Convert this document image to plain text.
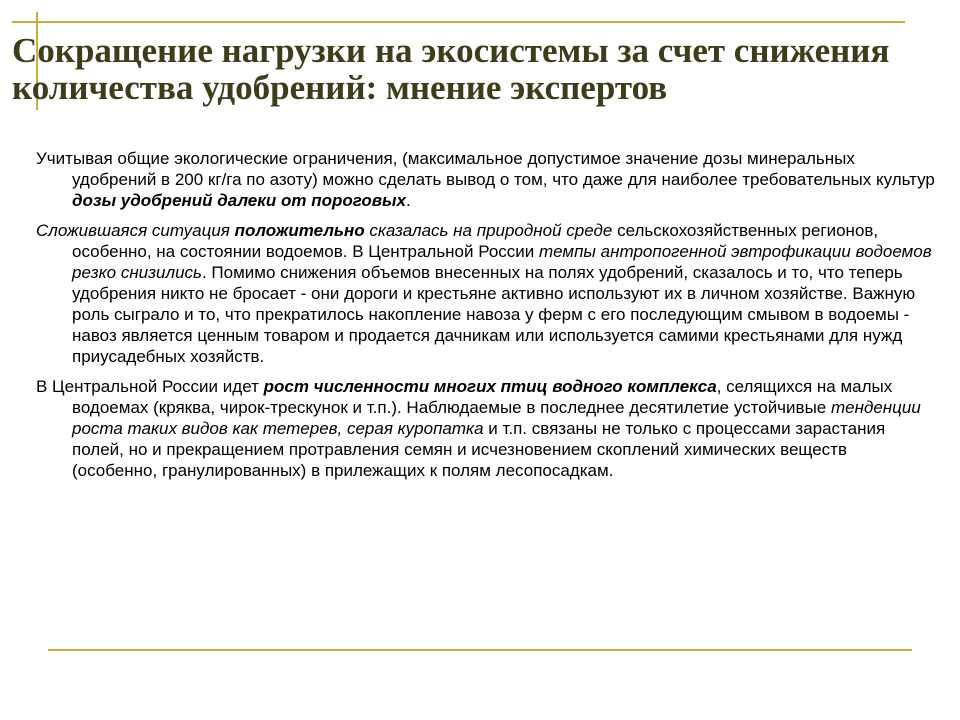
Сокращение нагрузки на экосистемы за счет снижения количества удобрений: мнение экспертов

Учитывая общие экологические ограничения, (максимальное допустимое значение дозы минеральных удобрений в 200 кг/га по азоту) можно сделать вывод о том, что даже для наиболее требовательных культур дозы удобрений далеки от пороговых.

Сложившаяся ситуация положительно сказалась на природной среде сельскохозяйственных регионов, особенно, на состоянии водоемов. В Центральной России темпы антропогенной эвтрофикации водоемов резко снизились. Помимо снижения объемов внесенных на полях удобрений, сказалось и то, что теперь удобрения никто не бросает - они дороги и крестьяне активно используют их в личном хозяйстве. Важную роль сыграло и то, что прекратилось накопление навоза у ферм с его последующим смывом в водоемы - навоз является ценным товаром и продается дачникам или используется самими крестьянами для нужд приусадебных хозяйств.

В Центральной России идет рост численности многих птиц водного комплекса, селящихся на малых водоемах (кряква, чирок-трескунок и т.п.). Наблюдаемые в последнее десятилетие устойчивые тенденции роста таких видов как тетерев, серая куропатка и т.п. связаны не только с процессами зарастания полей, но и прекращением протравления семян и исчезновением скоплений химических веществ (особенно, гранулированных) в прилежащих к полям лесопосадкам.
